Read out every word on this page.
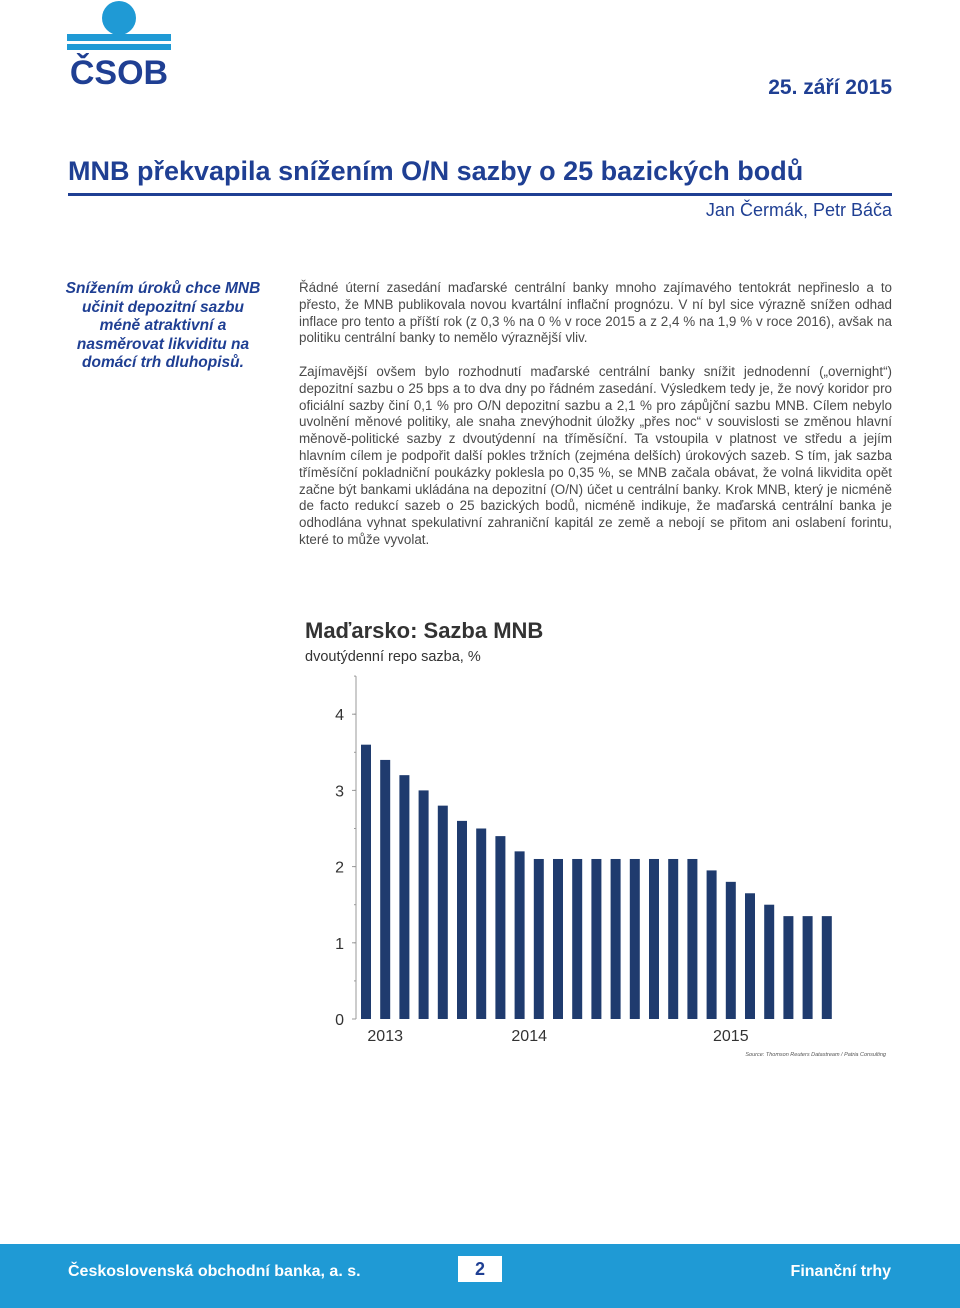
ČSOB	25. září 2015
MNB překvapila snížením O/N sazby o 25 bazických bodů
Jan Čermák, Petr Báča
Snížením úroků chce MNB učinit depozitní sazbu méně atraktivní a nasměrovat likviditu na domácí trh dluhopisů.
Řádné úterní zasedání maďarské centrální banky mnoho zajímavého tentokrát nepřineslo a to přesto, že MNB publikovala novou kvartální inflační prognózu. V ní byl sice výrazně snížen odhad inflace pro tento a příští rok (z 0,3 % na 0 % v roce 2015 a z 2,4 % na 1,9 % v roce 2016), avšak na politiku centrální banky to nemělo výraznější vliv.
Zajímavější ovšem bylo rozhodnutí maďarské centrální banky snížit jednodenní („overnight“) depozitní sazbu o 25 bps a to dva dny po řádném zasedání. Výsledkem tedy je, že nový koridor pro oficiální sazby činí 0,1 % pro O/N depozitní sazbu a 2,1 % pro zápůjční sazbu MNB. Cílem nebylo uvolnění měnové politiky, ale snaha znevýhodnit úložky „přes noc“ v souvislosti se změnou hlavní měnově-politické sazby z dvoutýdenní na tříměsíční. Ta vstoupila v platnost ve středu a jejím hlavním cílem je podpořit další pokles tržních (zejména delších) úrokových sazeb. S tím, jak sazba tříměsíční pokladniční poukázky poklesla po 0,35 %, se MNB začala obávat, že volná likvidita opět začne být bankami ukládána na depozitní (O/N) účet u centrální banky. Krok MNB, který je nicméně de facto redukcí sazeb o 25 bazických bodů, nicméně indikuje, že maďarská centrální banka je odhodlána vyhnat spekulativní zahraniční kapitál ze země a nebojí se přitom ani oslabení forintu, které to může vyvolat.
Maďarsko: Sazba MNB
dvoutýdenní repo sazba, %
0
1
2
3
4
2013	2014	2015
Source: Thomson Reuters Datastream / Patria Consulting
Československá obchodní banka, a. s.	2	Finanční trhy
